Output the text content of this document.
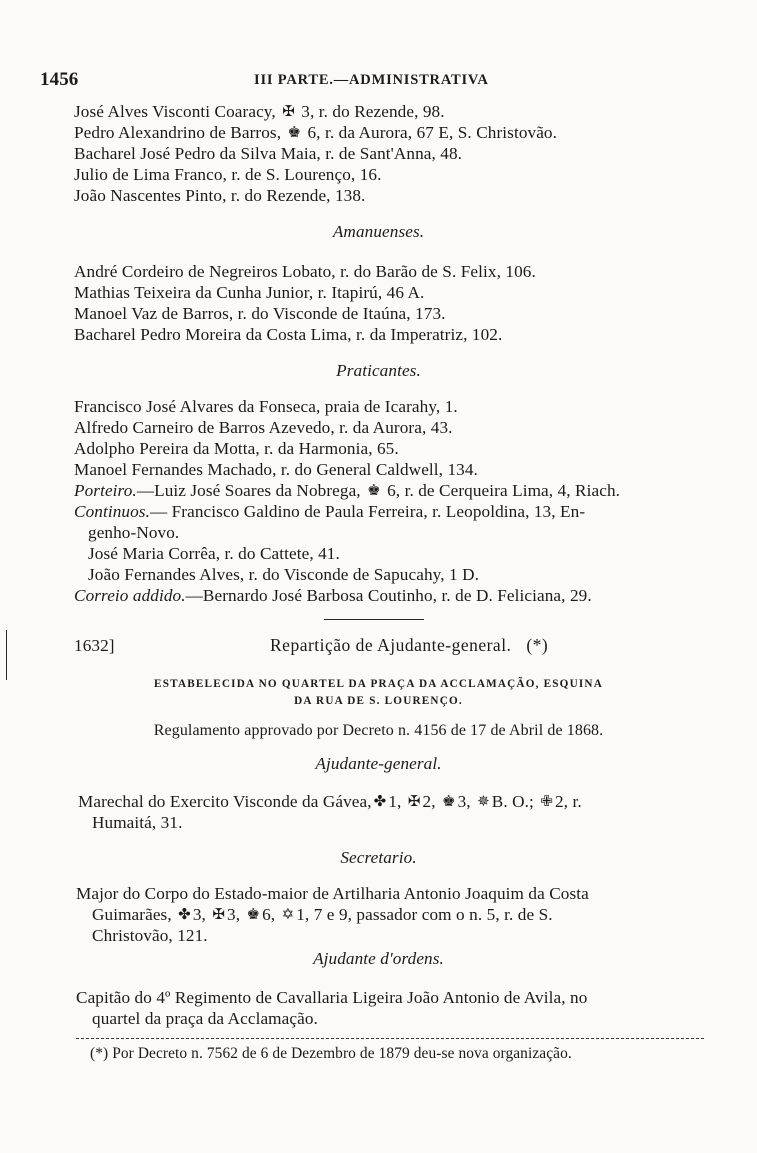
1456	III PARTE.—ADMINISTRATIVA
José Alves Visconti Coaracy, ✠ 3, r. do Rezende, 98.
Pedro Alexandrino de Barros, ♚ 6, r. da Aurora, 67 E, S. Christovão.
Bacharel José Pedro da Silva Maia, r. de Sant'Anna, 48.
Julio de Lima Franco, r. de S. Lourenço, 16.
João Nascentes Pinto, r. do Rezende, 138.
Amanuenses.
André Cordeiro de Negreiros Lobato, r. do Barão de S. Felix, 106.
Mathias Teixeira da Cunha Junior, r. Itapirú, 46 A.
Manoel Vaz de Barros, r. do Visconde de Itaúna, 173.
Bacharel Pedro Moreira da Costa Lima, r. da Imperatriz, 102.
Praticantes.
Francisco José Alvares da Fonseca, praia de Icarahy, 1.
Alfredo Carneiro de Barros Azevedo, r. da Aurora, 43.
Adolpho Pereira da Motta, r. da Harmonia, 65.
Manoel Fernandes Machado, r. do General Caldwell, 134.
Porteiro.—Luiz José Soares da Nobrega, ♚ 6, r. de Cerqueira Lima, 4, Riach.
Continuos.— Francisco Galdino de Paula Ferreira, r. Leopoldina, 13, En-
genho-Novo.
José Maria Corrêa, r. do Cattete, 41.
João Fernandes Alves, r. do Visconde de Sapucahy, 1 D.
Correio addido.—Bernardo José Barbosa Coutinho, r. de D. Feliciana, 29.
1632]	Repartição de Ajudante-general. (*)
ESTABELECIDA NO QUARTEL DA PRAÇA DA ACCLAMAÇÃO, ESQUINA
DA RUA DE S. LOURENÇO.
Regulamento approvado por Decreto n. 4156 de 17 de Abril de 1868.
Ajudante-general.
Marechal do Exercito Visconde da Gávea, ✤ 1, ✠ 2, ♚ 3, ✵ B. O.; ✙ 2, r.
Humaitá, 31.
Secretario.
Major do Corpo do Estado-maior de Artilharia Antonio Joaquim da Costa
Guimarães, ✤ 3, ✠ 3, ♚ 6, ✡ 1, 7 e 9, passador com o n. 5, r. de S.
Christovão, 121.
Ajudante d'ordens.
Capitão do 4º Regimento de Cavallaria Ligeira João Antonio de Avila, no
quartel da praça da Acclamação.
(*) Por Decreto n. 7562 de 6 de Dezembro de 1879 deu-se nova organização.
